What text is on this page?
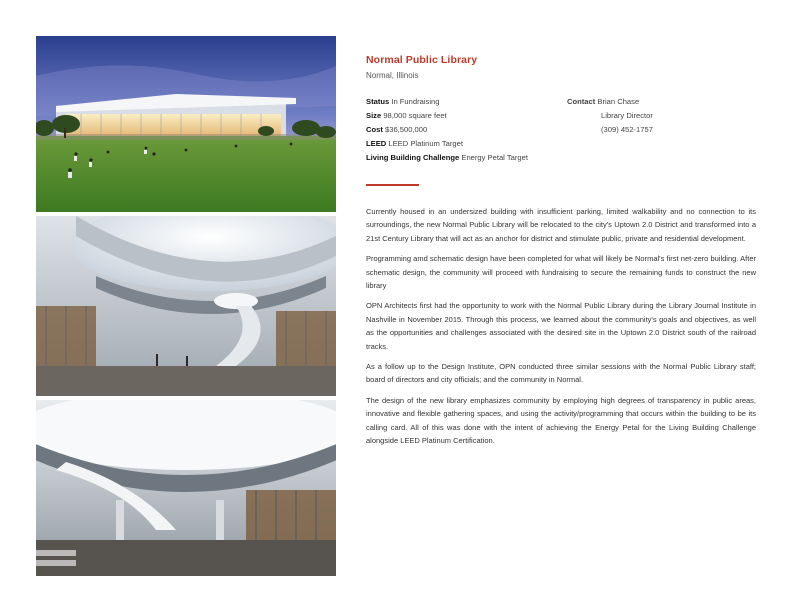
Normal Public Library
Normal, Illinois
Status In Fundraising
Size 98,000 square feet
Cost $36,500,000
LEED LEED Platinum Target
Living Building Challenge Energy Petal Target
Contact Brian Chase
Library Director
(309) 452-1757

Currently housed in an undersized building with insufficient parking, limited walkability and no connection to its surroundings, the new Normal Public Library will be relocated to the city's Uptown 2.0 District and transformed into a 21st Century Library that will act as an anchor for district and stimulate public, private and residential development.

Programming amd schematic design have been completed for what will likely be Normal's first net-zero building. After schematic design, the community will proceed with fundraising to secure the remaining funds to construct the new library

OPN Architects first had the opportunity to work with the Normal Public Library during the Library Journal Institute in Nashville in November 2015. Through this process, we learned about the community's goals and objectives, as well as the opportunities and challenges associated with the desired site in the Uptown 2.0 District south of the railroad tracks.

As a follow up to the Design Institute, OPN conducted three similar sessions with the Normal Public Library staff; board of directors and city officials; and the community in Normal.

The design of the new library emphasizes community by employing high degrees of transparency in public areas, innovative and flexible gathering spaces, and using the activity/programming that occurs within the building to be its calling card. All of this was done with the intent of achieving the Energy Petal for the Living Building Challenge alongside LEED Platinum Certification.
